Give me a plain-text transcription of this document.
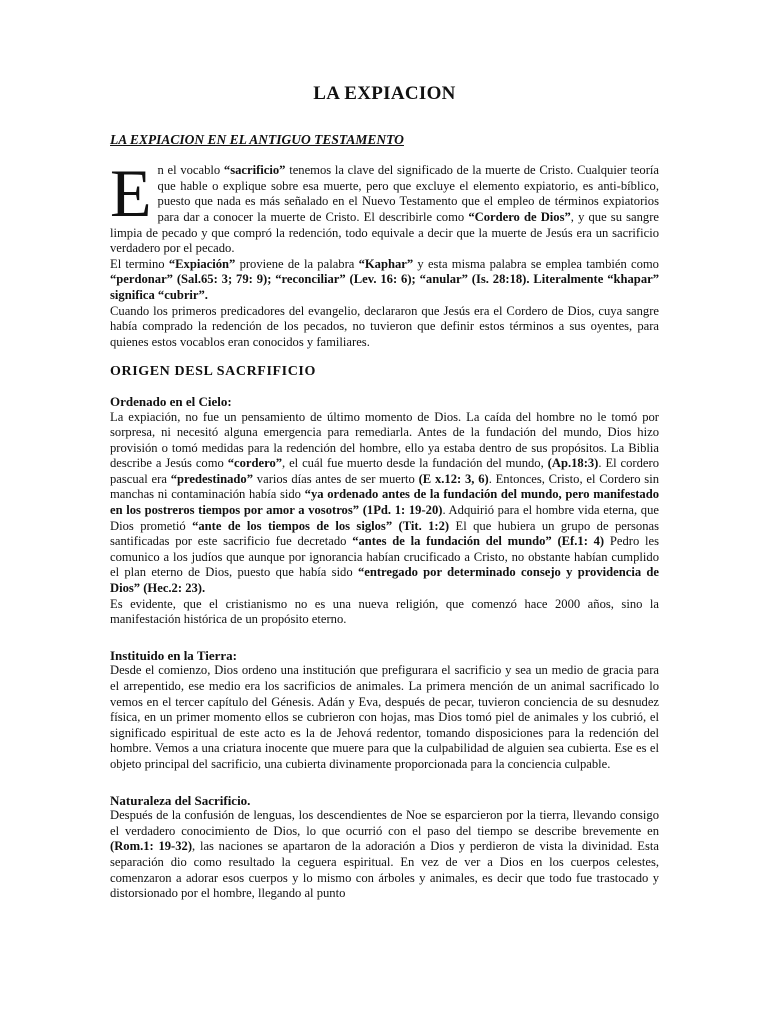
LA EXPIACION
LA EXPIACION EN EL ANTIGUO TESTAMENTO

En el vocablo “sacrificio” tenemos la clave del significado de la muerte de Cristo. Cualquier teoría que hable o explique sobre esa muerte, pero que excluye el elemento expiatorio, es anti-bíblico, puesto que nada es más señalado en el Nuevo Testamento que el empleo de términos expiatorios para dar a conocer la muerte de Cristo. El describirle como “Cordero de Dios”, y que su sangre limpia de pecado y que compró la redención, todo equivale a decir que la muerte de Jesús era un sacrificio verdadero por el pecado.

El termino “Expiación” proviene de la palabra “Kaphar” y esta misma palabra se emplea también como “perdonar” (Sal.65: 3; 79: 9); “reconciliar” (Lev. 16: 6); “anular” (Is. 28:18). Literalmente “khapar” significa “cubrir”.

Cuando los primeros predicadores del evangelio, declararon que Jesús era el Cordero de Dios, cuya sangre había comprado la redención de los pecados, no tuvieron que definir estos términos a sus oyentes, para quienes estos vocablos eran conocidos y familiares.

ORIGEN DESL SACRFIFICIO
Ordenado en el Cielo:

La expiación, no fue un pensamiento de último momento de Dios. La caída del hombre no le tomó por sorpresa, ni necesitó alguna emergencia para remediarla. Antes de la fundación del mundo, Dios hizo provisión o tomó medidas para la redención del hombre, ello ya estaba dentro de sus propósitos. La Biblia describe a Jesús como “cordero”, el cuál fue muerto desde la fundación del mundo, (Ap.18:3). El cordero pascual era “predestinado” varios días antes de ser muerto (E x.12: 3, 6). Entonces, Cristo, el Cordero sin manchas ni contaminación había sido “ya ordenado antes de la fundación del mundo, pero manifestado en los postreros tiempos por amor a vosotros” (1Pd. 1: 19-20). Adquirió para el hombre vida eterna, que Dios prometió “ante de los tiempos de los siglos” (Tit. 1:2) El que hubiera un grupo de personas santificadas por este sacrificio fue decretado “antes de la fundación del mundo” (Ef.1: 4) Pedro les comunico a los judíos que aunque por ignorancia habían crucificado a Cristo, no obstante habían cumplido el plan eterno de Dios, puesto que había sido “entregado por determinado consejo y providencia de Dios” (Hec.2: 23).

Es evidente, que el cristianismo no es una nueva religión, que comenzó hace 2000 años, sino la manifestación histórica de un propósito eterno.

Instituido en la Tierra:

Desde el comienzo, Dios ordeno una institución que prefigurara el sacrificio y sea un medio de gracia para el arrepentido, ese medio era los sacrificios de animales. La primera mención de un animal sacrificado lo vemos en el tercer capítulo del Génesis. Adán y Eva, después de pecar, tuvieron conciencia de su desnudez física, en un primer momento ellos se cubrieron con hojas, mas Dios tomó piel de animales y los cubrió, el significado espiritual de este acto es la de Jehová redentor, tomando disposiciones para la redención del hombre. Vemos a una criatura inocente que muere para que la culpabilidad de alguien sea cubierta. Ese es el objeto principal del sacrificio, una cubierta divinamente proporcionada para la conciencia culpable.

Naturaleza del Sacrificio.

Después de la confusión de lenguas, los descendientes de Noe se esparcieron por la tierra, llevando consigo el verdadero conocimiento de Dios, lo que ocurrió con el paso del tiempo se describe brevemente en (Rom.1: 19-32), las naciones se apartaron de la adoración a Dios y perdieron de vista la divinidad. Esta separación dio como resultado la ceguera espiritual. En vez de ver a Dios en los cuerpos celestes, comenzaron a adorar esos cuerpos y lo mismo con árboles y animales, es decir que todo fue trastocado y distorsionado por el hombre, llegando al punto
